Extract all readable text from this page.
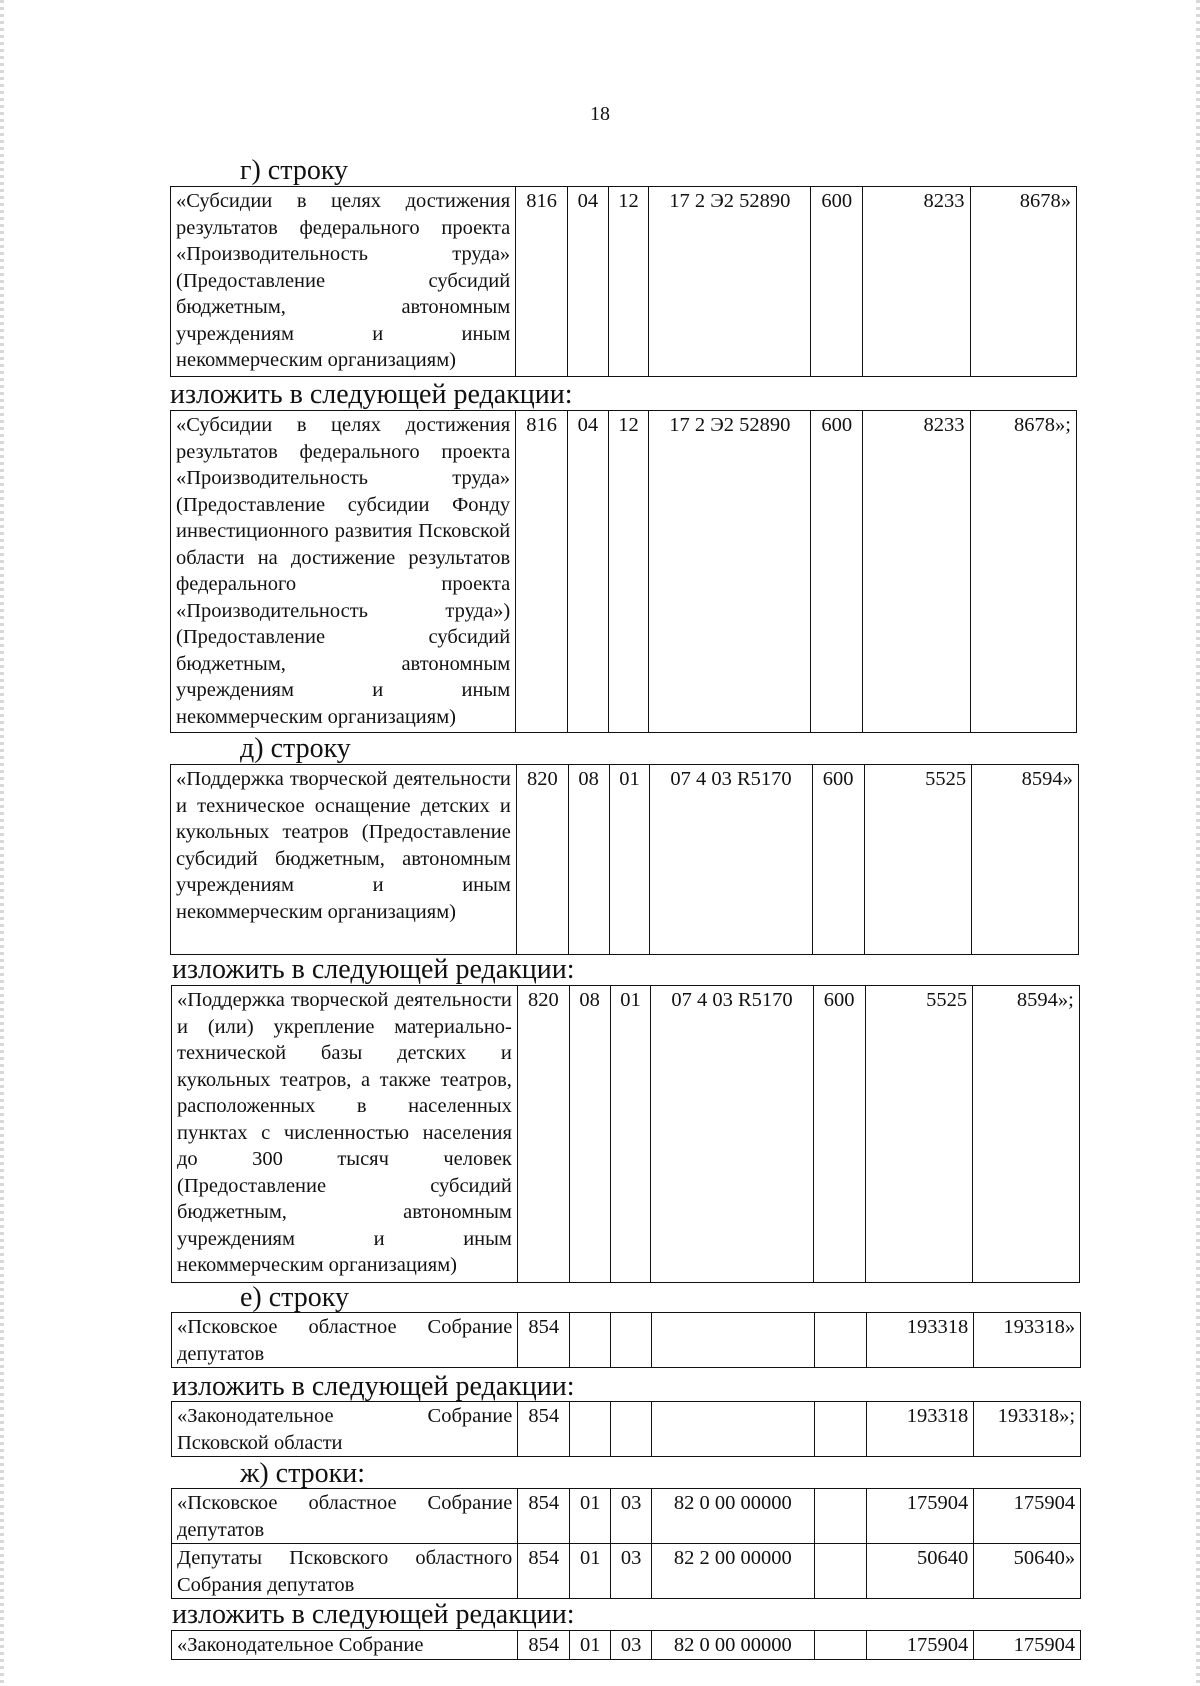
18
г) строку
«Субсидии в целях достижения результатов федерального проекта «Производительность труда» (Предоставление субсидий бюджетным, автономным учреждениям и иным некоммерческим организациям)	816	04	12	17 2 Э2 52890	600	8233	8678»
изложить в следующей редакции:
«Субсидии в целях достижения результатов федерального проекта «Производительность труда» (Предоставление субсидии Фонду инвестиционного развития Псковской области на достижение результатов федерального проекта «Производительность труда») (Предоставление субсидий бюджетным, автономным учреждениям и иным некоммерческим организациям)	816	04	12	17 2 Э2 52890	600	8233	8678»;
д) строку
«Поддержка творческой деятельности и техническое оснащение детских и кукольных театров (Предоставление субсидий бюджетным, автономным учреждениям и иным некоммерческим организациям)	820	08	01	07 4 03 R5170	600	5525	8594»
изложить в следующей редакции:
«Поддержка творческой деятельности и (или) укрепление материально-технической базы детских и кукольных театров, а также театров, расположенных в населенных пунктах с численностью населения до 300 тысяч человек (Предоставление субсидий бюджетным, автономным учреждениям и иным некоммерческим организациям)	820	08	01	07 4 03 R5170	600	5525	8594»;
е) строку
«Псковское областное Собрание депутатов	854					193318	193318»
изложить в следующей редакции:
«Законодательное Собрание Псковской области	854					193318	193318»;
ж) строки:
«Псковское областное Собрание депутатов	854	01	03	82 0 00 00000		175904	175904
Депутаты Псковского областного Собрания депутатов	854	01	03	82 2 00 00000		50640	50640»
изложить в следующей редакции:
«Законодательное Собрание	854	01	03	82 0 00 00000		175904	175904
